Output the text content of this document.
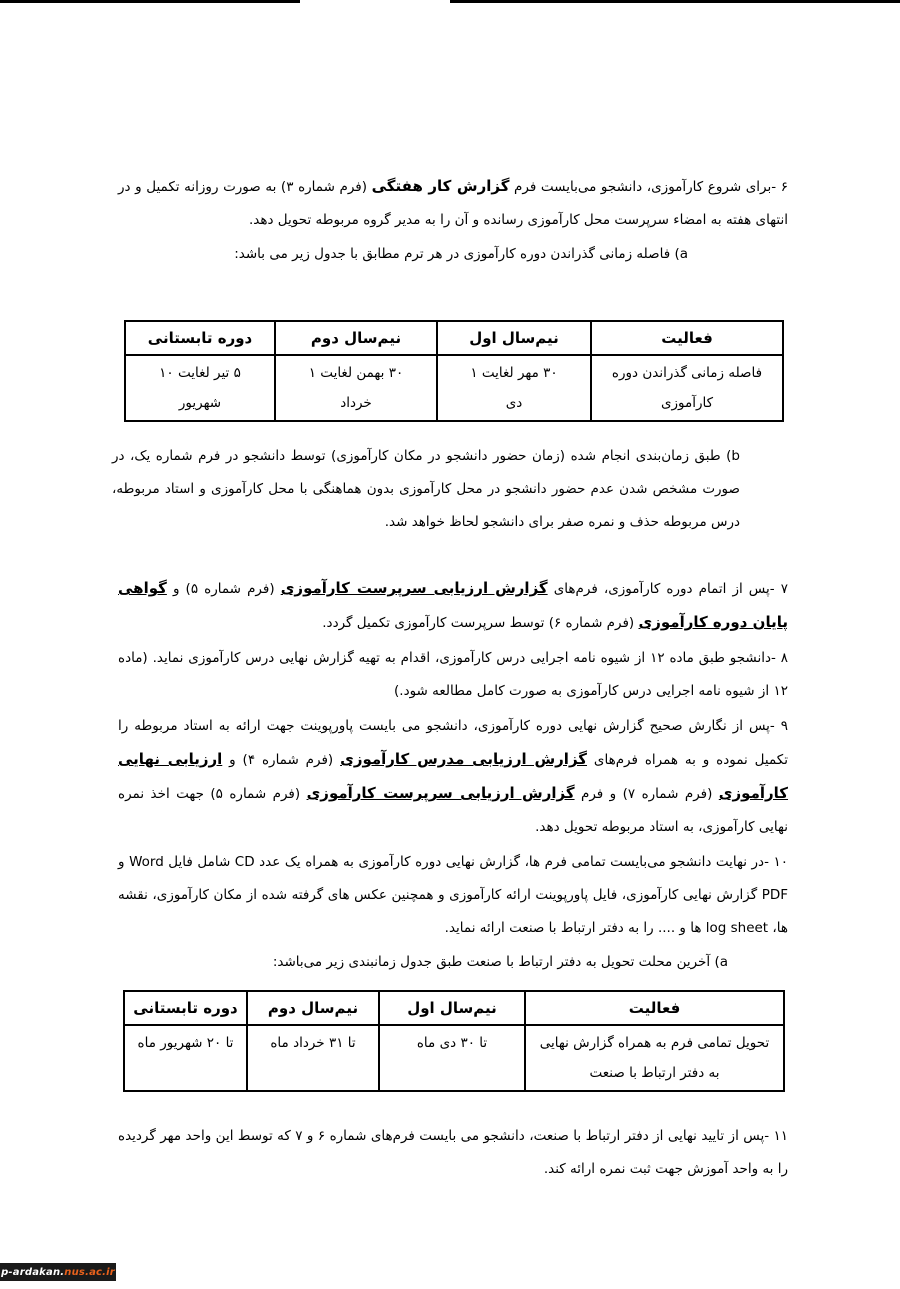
۶ -برای شروع کارآموزی، دانشجو می‌بایست فرم گزارش کار هفتگی (فرم شماره ۳) به صورت روزانه تکمیل و در انتهای هفته به امضاء سرپرست محل کارآموزی رسانده و آن را به مدیر گروه مربوطه تحویل دهد.
a) فاصله زمانی گذراندن دوره کارآموزی در هر ترم مطابق با جدول زیر می باشد:
فعالیت	نیم‌سال اول	نیم‌سال دوم	دوره تابستانی
فاصله زمانی گذراندن دوره کارآموزی	۳۰ مهر لغایت ۱ دی	۳۰ بهمن لغایت ۱ خرداد	۵ تیر لغایت ۱۰ شهریور
b) طبق زمان‌بندی انجام شده (زمان حضور دانشجو در مکان کارآموزی) توسط دانشجو در فرم شماره یک، در صورت مشخص شدن عدم حضور دانشجو در محل کارآموزی بدون هماهنگی با محل کارآموزی و استاد مربوطه، درس مربوطه حذف و نمره صفر برای دانشجو لحاظ خواهد شد.
۷ -پس از اتمام دوره کارآموزی، فرم‌های گزارش ارزیابی سرپرست کارآموزی (فرم شماره ۵) و گواهی پایان دوره کارآموزی (فرم شماره ۶) توسط سرپرست کارآموزی تکمیل گردد.
۸ -دانشجو طبق ماده ۱۲ از شیوه نامه اجرایی درس کارآموزی، اقدام به تهیه گزارش نهایی درس کارآموزی نماید. (ماده ۱۲ از شیوه نامه اجرایی درس کارآموزی به صورت کامل مطالعه شود.)
۹ -پس از نگارش صحیح گزارش نهایی دوره کارآموزی، دانشجو می بایست پاورپوینت جهت ارائه به استاد مربوطه را تکمیل نموده و به همراه فرم‌های گزارش ارزیابی مدرس کارآموزی (فرم شماره ۴) و ارزیابی نهایی کارآموزی (فرم شماره ۷) و فرم گزارش ارزیابی سرپرست کارآموزی (فرم شماره ۵) جهت اخذ نمره نهایی کارآموزی، به استاد مربوطه تحویل دهد.
۱۰ -در نهایت دانشجو می‌بایست تمامی فرم ها، گزارش نهایی دوره کارآموزی به همراه یک عدد CD شامل فایل Word و PDF گزارش نهایی کارآموزی، فایل پاورپوینت ارائه کارآموزی و همچنین عکس های گرفته شده از مکان کارآموزی، نقشه ها، log sheet ها و .... را به دفتر ارتباط با صنعت ارائه نماید.
a) آخرین محلت تحویل به دفتر ارتباط با صنعت طبق جدول زمانبندی زیر می‌باشد:
فعالیت	نیم‌سال اول	نیم‌سال دوم	دوره تابستانی
تحویل تمامی فرم به همراه گزارش نهایی به دفتر ارتباط با صنعت	تا ۳۰ دی ماه	تا ۳۱ خرداد ماه	تا ۲۰ شهریور ماه
۱۱ -پس از تایید نهایی از دفتر ارتباط با صنعت، دانشجو می بایست فرم‌های شماره ۶ و ۷ که توسط این واحد مهر گردیده را به واحد آموزش جهت ثبت نمره ارائه کند.
p-ardakan. nus.ac.ir
